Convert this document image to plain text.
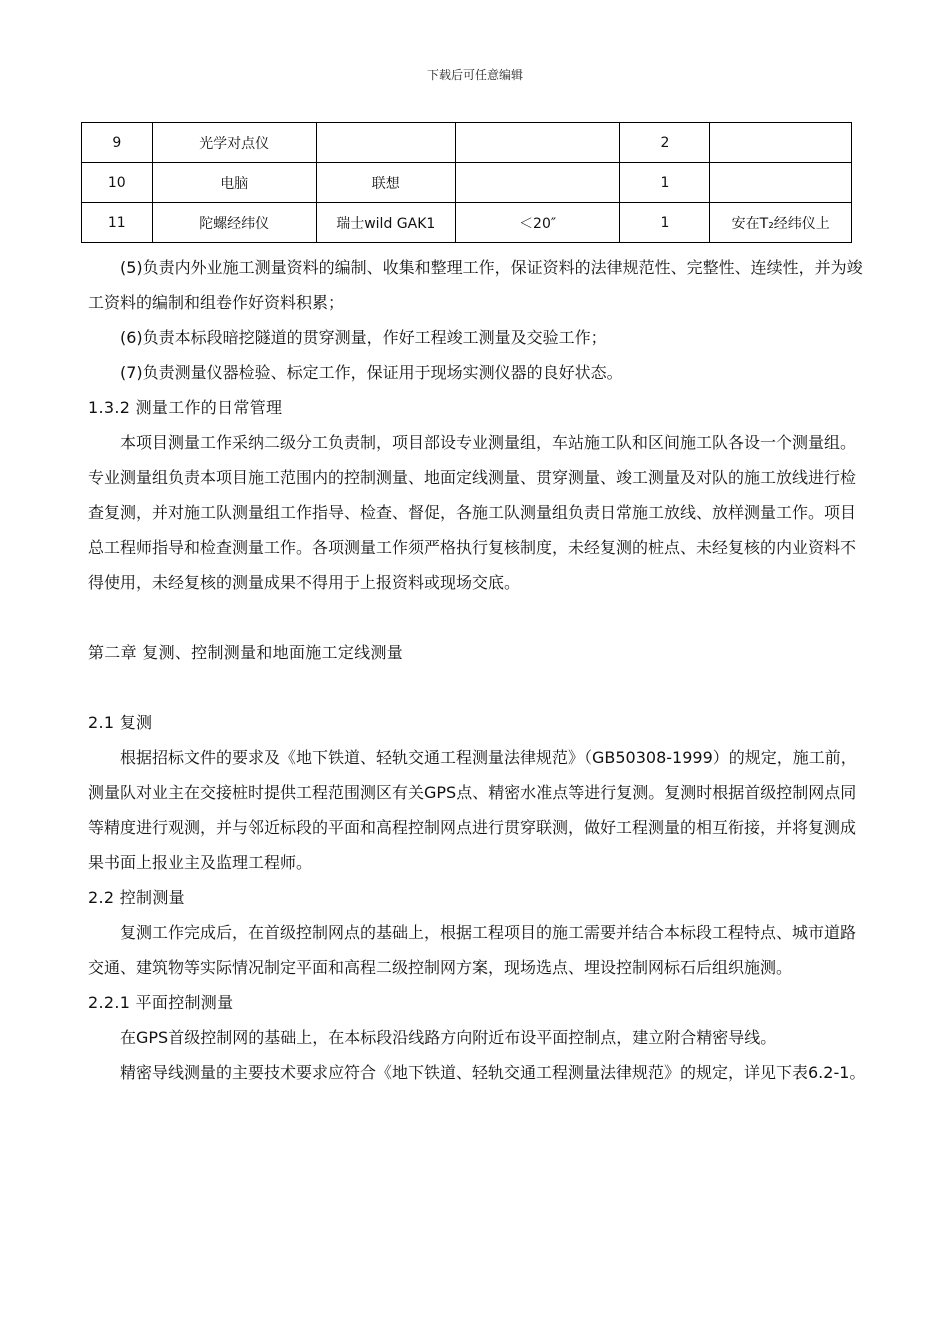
下载后可任意编辑
9	光学对点仪			2	
10	电脑	联想		1	
11	陀螺经纬仪	瑞士wild GAK1	＜20″	1	安在T₂经纬仪上

(5)负责内外业施工测量资料的编制、收集和整理工作，保证资料的法律规范性、完整性、连续性，并为竣工资料的编制和组卷作好资料积累；

(6)负责本标段暗挖隧道的贯穿测量，作好工程竣工测量及交验工作；

(7)负责测量仪器检验、标定工作，保证用于现场实测仪器的良好状态。

1.3.2 测量工作的日常管理

本项目测量工作采纳二级分工负责制，项目部设专业测量组，车站施工队和区间施工队各设一个测量组。专业测量组负责本项目施工范围内的控制测量、地面定线测量、贯穿测量、竣工测量及对队的施工放线进行检查复测，并对施工队测量组工作指导、检查、督促，各施工队测量组负责日常施工放线、放样测量工作。项目总工程师指导和检查测量工作。各项测量工作须严格执行复核制度，未经复测的桩点、未经复核的内业资料不得使用，未经复核的测量成果不得用于上报资料或现场交底。

第二章 复测、控制测量和地面施工定线测量

2.1 复测

根据招标文件的要求及《地下铁道、轻轨交通工程测量法律规范》（GB50308-1999）的规定，施工前，测量队对业主在交接桩时提供工程范围测区有关GPS点、精密水准点等进行复测。复测时根据首级控制网点同等精度进行观测，并与邻近标段的平面和高程控制网点进行贯穿联测，做好工程测量的相互衔接，并将复测成果书面上报业主及监理工程师。

2.2 控制测量

复测工作完成后，在首级控制网点的基础上，根据工程项目的施工需要并结合本标段工程特点、城市道路交通、建筑物等实际情况制定平面和高程二级控制网方案，现场选点、埋设控制网标石后组织施测。

2.2.1 平面控制测量

在GPS首级控制网的基础上，在本标段沿线路方向附近布设平面控制点，建立附合精密导线。

精密导线测量的主要技术要求应符合《地下铁道、轻轨交通工程测量法律规范》的规定，详见下表6.2-1。
